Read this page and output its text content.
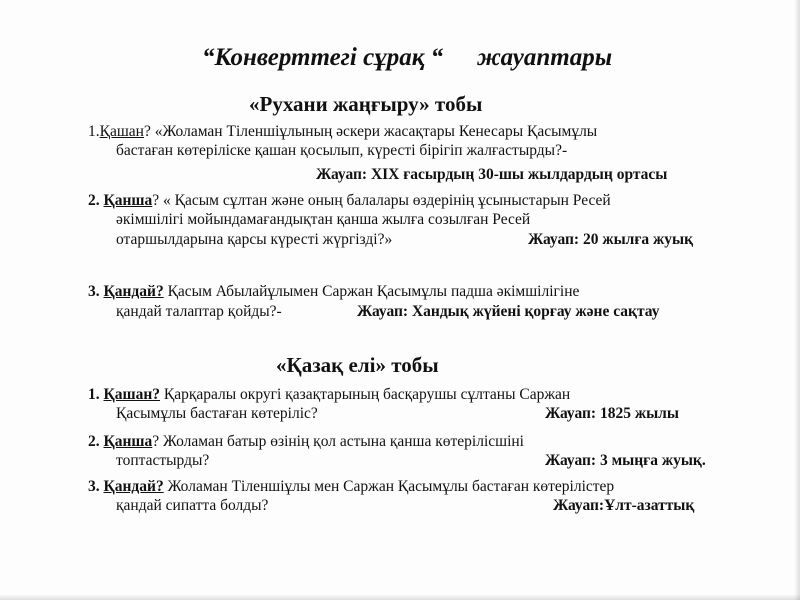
“Конверттегі сұрақ “ жауаптары
«Рухани жаңғыру» тобы
1.Қашан? «Жоламан Тіленшіұлының әскери жасақтары Кенесары Қасымұлы
бастаған көтеріліске қашан қосылып, күресті бірігіп жалғастырды?-
Жауап: XIX ғасырдың 30-шы жылдардың ортасы
2. Қанша? « Қасым сұлтан және оның балалары өздерінің ұсыныстарын Ресей
әкімшілігі мойындамағандықтан қанша жылға созылған Ресей
отаршылдарына қарсы күресті жүргізді?»	Жауап: 20 жылға жуық
3. Қандай? Қасым Абылайұлымен Саржан Қасымұлы падша әкімшілігіне
қандай талаптар қойды?-	Жауап: Хандық жүйені қорғау және сақтау
«Қазақ елі» тобы
1. Қашан? Қарқаралы округі қазақтарының басқарушы сұлтаны Саржан
Қасымұлы бастаған көтеріліс?	Жауап: 1825 жылы
2. Қанша? Жоламан батыр өзінің қол астына қанша көтерілісшіні
топтастырды?	Жауап: 3 мыңға жуық.
3. Қандай? Жоламан Тіленшіұлы мен Саржан Қасымұлы бастаған көтерілістер
қандай сипатта болды?	Жауап:Ұлт-азаттық
